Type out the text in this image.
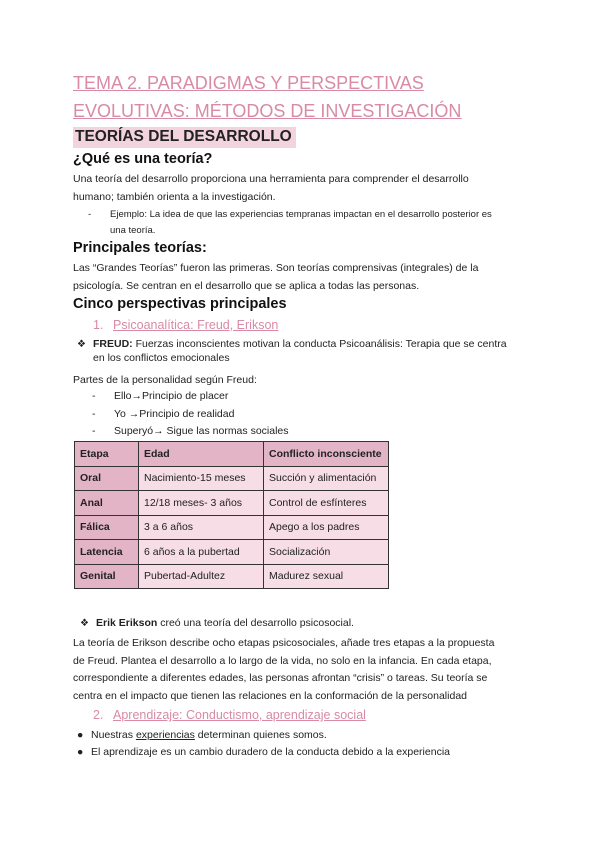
TEMA 2. PARADIGMAS Y PERSPECTIVAS
EVOLUTIVAS: MÉTODOS DE INVESTIGACIÓN
TEORÍAS DEL DESARROLLO
¿Qué es una teoría?
Una teoría del desarrollo proporciona una herramienta para comprender el desarrollo
humano; también orienta a la investigación.
- Ejemplo: La idea de que las experiencias tempranas impactan en el desarrollo posterior es
una teoría.
Principales teorías:
Las “Grandes Teorías” fueron las primeras. Son teorías comprensivas (integrales) de la
psicología. Se centran en el desarrollo que se aplica a todas las personas.
Cinco perspectivas principales
1. Psicoanalítica: Freud, Erikson
❖ FREUD: Fuerzas inconscientes motivan la conducta Psicoanálisis: Terapia que se centra
en los conflictos emocionales
Partes de la personalidad según Freud:
- Ello→Principio de placer
- Yo →Principio de realidad
- Superyó→ Sigue las normas sociales
Etapa	Edad	Conflicto inconsciente
Oral	Nacimiento-15 meses	Succión y alimentación
Anal	12/18 meses- 3 años	Control de esfínteres
Fálica	3 a 6 años	Apego a los padres
Latencia	6 años a la pubertad	Socialización
Genital	Pubertad-Adultez	Madurez sexual
❖ Erik Erikson creó una teoría del desarrollo psicosocial.
La teoría de Erikson describe ocho etapas psicosociales, añade tres etapas a la propuesta
de Freud. Plantea el desarrollo a lo largo de la vida, no solo en la infancia. En cada etapa,
correspondiente a diferentes edades, las personas afrontan “crisis” o tareas. Su teoría se
centra en el impacto que tienen las relaciones en la conformación de la personalidad
2. Aprendizaje: Conductismo, aprendizaje social
● Nuestras experiencias determinan quienes somos.
● El aprendizaje es un cambio duradero de la conducta debido a la experiencia
